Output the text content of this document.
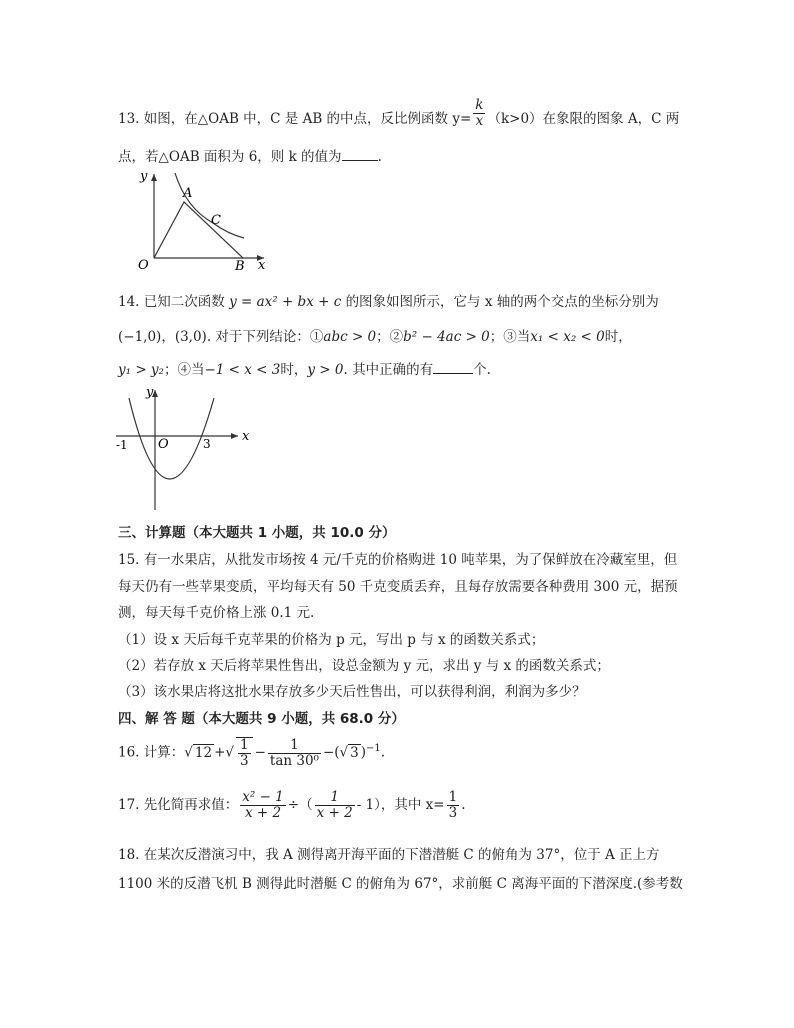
13. 如图，在△OAB 中，C 是 AB 的中点，反比例函数 $y= \frac{k}{x} (k>0)$在象限的图象 A，C 两
点，若△OAB 面积为 6，则 k 的值为	.
y
x
O
A
C
B
14. 已知二次函数 y = ax² + bx + c 的图象如图所示，它与 x 轴的两个交点的坐标分别为
(−1,0)，(3,0). 对于下列结论：①abc > 0；②b² − 4ac > 0；③当x₁ < x₂ < 0时，
y₁ > y₂；④当−1 < x < 3时，y > 0. 其中正确的有	个.
y
x
O
-1	3
三、计算题（本大题共 1 小题，共 10.0 分）
15. 有一水果店，从批发市场按 4 元/千克的价格购进 10 吨苹果，为了保鲜放在冷藏室里，但
每天仍有一些苹果变质，平均每天有 50 千克变质丢弃，且每存放需要各种费用 300 元，据预
测，每天每千克价格上涨 0.1 元.
（1）设 x 天后每千克苹果的价格为 p 元，写出 p 与 x 的函数关系式；
（2）若存放 x 天后将苹果性售出，设总金额为 y 元，求出 y 与 x 的函数关系式；
（3）该水果店将这批水果存放多少天后性售出，可以获得利润，利润为多少？
四、解 答 题（本大题共 9 小题，共 68.0 分）
16. 计算：√ 12 +√ $\frac{1}{3} - \frac{1}{\text{tan 30⁰}}$ −(√ 3 )$^{-1}$.
17. 先化简再求值： $\frac{\text{x² − 1}}{x + 2}$ ÷（ $\frac{1}{x + 2} - 1$），其中 $x= \frac{1}{3}$ .
18. 在某次反潜演习中，我 A 测得离开海平面的下潜潜艇 C 的俯角为 37°，位于 A 正上方
1100 米的反潜飞机 B 测得此时潜艇 C 的俯角为 67°，求前艇 C 离海平面的下潜深度.(参考数
